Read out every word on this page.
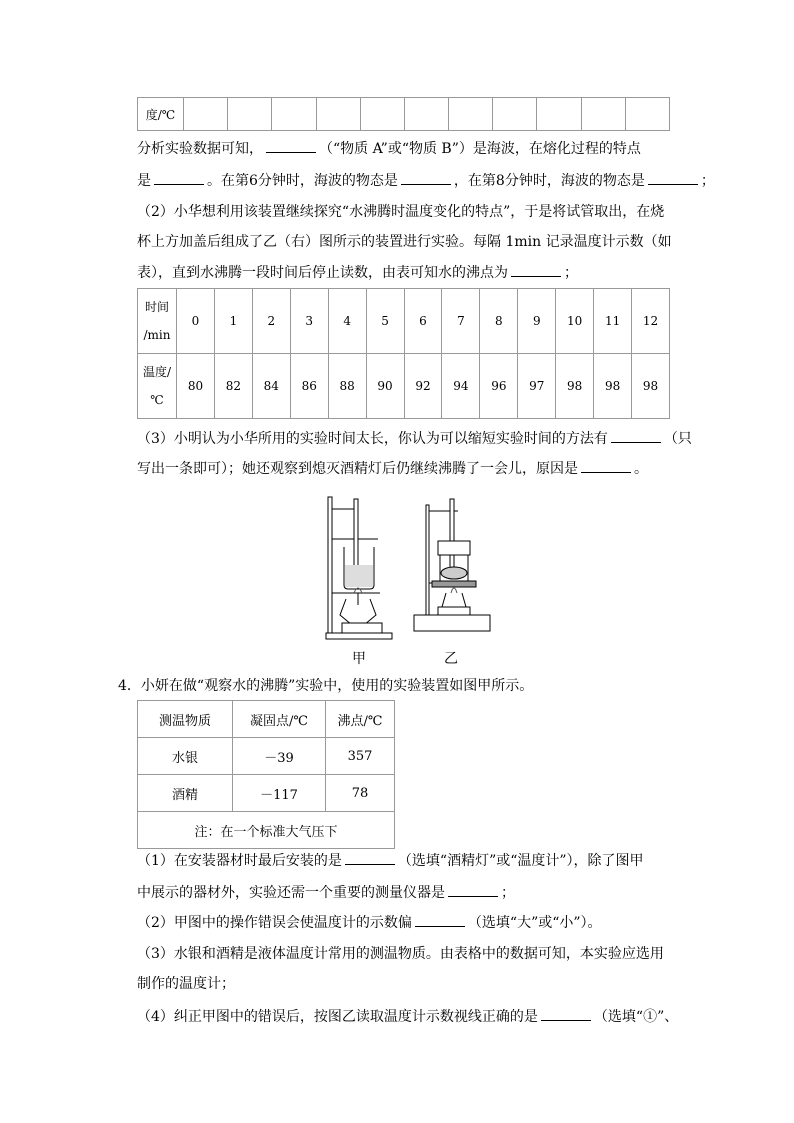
度/℃											
分析实验数据可知，	（“物质 A”或“物质 B”）是海波，在熔化过程的特点
是	。在第6分钟时，海波的物态是	，在第8分钟时，海波的物态是	；
（2）小华想利用该装置继续探究“水沸腾时温度变化的特点”，于是将试管取出，在烧
杯上方加盖后组成了乙（右）图所示的装置进行实验。每隔 1min 记录温度计示数（如
表），直到水沸腾一段时间后停止读数，由表可知水的沸点为	；
时间
/min	0	1	2	3	4	5	6	7	8	9	10	11	12
温度/
℃	80	82	84	86	88	90	92	94	96	97	98	98	98
（3）小明认为小华所用的实验时间太长，你认为可以缩短实验时间的方法有	（只
写出一条即可）；她还观察到熄灭酒精灯后仍继续沸腾了一会儿，原因是	。
甲	乙
4．小妍在做“观察水的沸腾”实验中，使用的实验装置如图甲所示。
测温物质	凝固点/℃	沸点/℃
水银	－39	357
酒精	－117	78
注：在一个标准大气压下		
（1）在安装器材时最后安装的是	（选填“酒精灯”或“温度计”），除了图甲
中展示的器材外，实验还需一个重要的测量仪器是	；
（2）甲图中的操作错误会使温度计的示数偏	（选填“大”或“小”）。
（3）水银和酒精是液体温度计常用的测温物质。由表格中的数据可知，本实验应选用
制作的温度计；
（4）纠正甲图中的错误后，按图乙读取温度计示数视线正确的是	（选填“①”、
